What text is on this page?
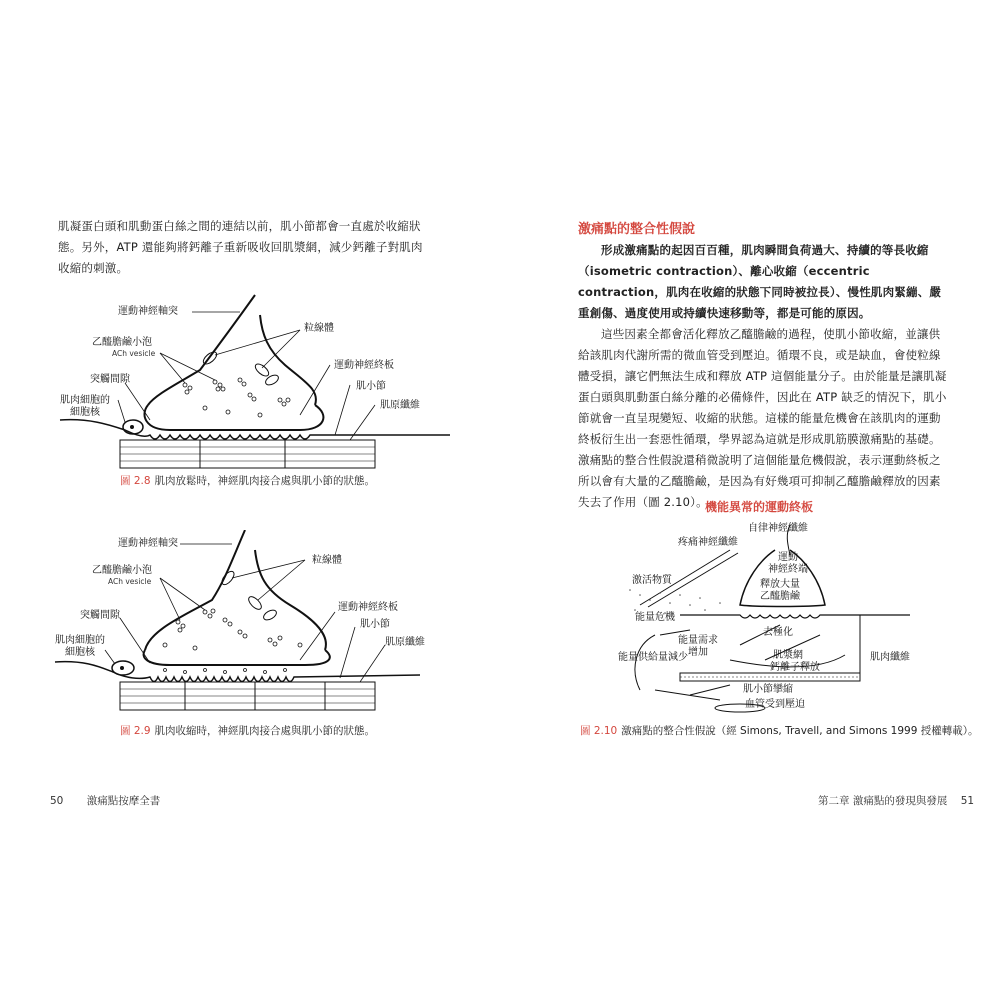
肌凝蛋白頭和肌動蛋白絲之間的連結以前，肌小節都會一直處於收縮狀態。另外，ATP 還能夠將鈣離子重新吸收回肌漿網，減少鈣離子對肌肉收縮的刺激。
運動神經軸突
乙醯膽鹼小泡
ACh vesicle
突觸間隙
肌肉細胞的
細胞核
粒線體
運動神經終板
肌小節
肌原纖維
圖 2.8 肌肉放鬆時，神經肌肉接合處與肌小節的狀態。
運動神經軸突
乙醯膽鹼小泡
ACh vesicle
突觸間隙
肌肉細胞的
細胞核
粒線體
運動神經終板
肌小節
肌原纖維
圖 2.9 肌肉收縮時，神經肌肉接合處與肌小節的狀態。
50 激痛點按摩全書
激痛點的整合性假說
形成激痛點的起因百百種，肌肉瞬間負荷過大、持續的等長收縮（isometric contraction）、離心收縮（eccentric contraction，肌肉在收縮的狀態下同時被拉長）、慢性肌肉緊繃、嚴重創傷、過度使用或持續快速移動等，都是可能的原因。
這些因素全都會活化釋放乙醯膽鹼的過程，使肌小節收縮，並讓供給該肌肉代謝所需的微血管受到壓迫。循環不良，或是缺血，會使粒線體受損，讓它們無法生成和釋放 ATP 這個能量分子。由於能量是讓肌凝蛋白頭與肌動蛋白絲分離的必備條件，因此在 ATP 缺乏的情況下，肌小節就會一直呈現變短、收縮的狀態。這樣的能量危機會在該肌肉的運動終板衍生出一套惡性循環，學界認為這就是形成肌筋膜激痛點的基礎。激痛點的整合性假說還稍微說明了這個能量危機假說，表示運動終板之所以會有大量的乙醯膽鹼，是因為有好幾項可抑制乙醯膽鹼釋放的因素失去了作用（圖 2.10）。
機能異常的運動終板
自律神經纖維
疼痛神經纖維
運動
神經終端
釋放大量
乙醯膽鹼
激活物質
能量危機
去極化
能量需求
增加	肌漿網
鈣離子釋放
能量供給量減少	肌肉纖維
肌小節攣縮
血管受到壓迫
圖 2.10 激痛點的整合性假說（經 Simons, Travell, and Simons 1999 授權轉載）。
第二章 激痛點的發現與發展 51
